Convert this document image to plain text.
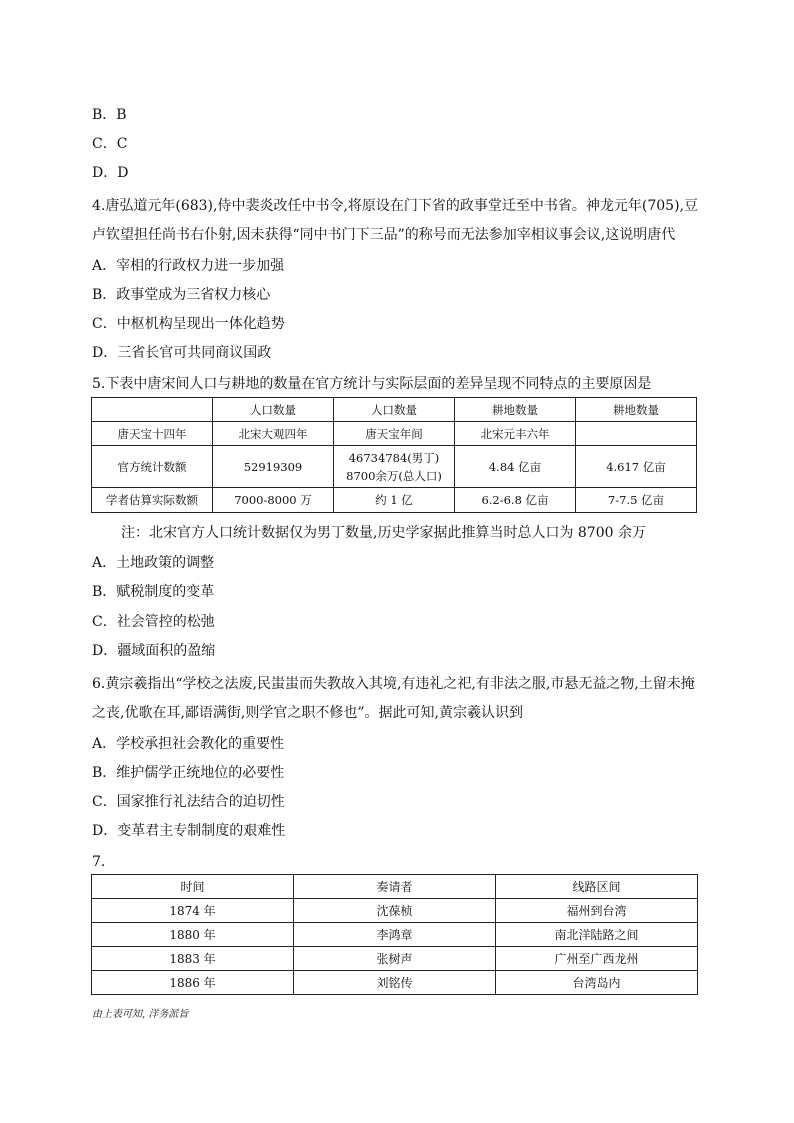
B．B
C．C
D．D
4.唐弘道元年(683),侍中裴炎改任中书令,将原设在门下省的政事堂迁至中书省。神龙元年(705),豆卢钦望担任尚书右仆射,因未获得“同中书门下三品”的称号而无法参加宰相议事会议,这说明唐代
A．宰相的行政权力进一步加强
B．政事堂成为三省权力核心
C．中枢机构呈现出一体化趋势
D．三省长官可共同商议国政
5.下表中唐宋间人口与耕地的数量在官方统计与实际层面的差异呈现不同特点的主要原因是
	人口数量	人口数量	耕地数量	耕地数量
唐天宝十四年	北宋大观四年	唐天宝年间	北宋元丰六年	
官方统计数额	52919309	46734784(男丁) 8700余万(总人口)	4.84 亿亩	4.617 亿亩
学者估算实际数额	7000-8000 万	约 1 亿	6.2-6.8 亿亩	7-7.5 亿亩
注：北宋官方人口统计数据仅为男丁数量,历史学家据此推算当时总人口为 8700 余万
A．土地政策的调整
B．赋税制度的变革
C．社会管控的松弛
D．疆域面积的盈缩
6.黄宗羲指出“学校之法废,民蚩蚩而失教故入其境,有违礼之祀,有非法之服,市悬无益之物,土留未掩之丧,优歌在耳,鄙语满街,则学官之职不修也”。据此可知,黄宗羲认识到
A．学校承担社会教化的重要性
B．维护儒学正统地位的必要性
C．国家推行礼法结合的迫切性
D．变革君主专制制度的艰难性
7.
时间	奏请者	线路区间
1874 年	沈葆桢	福州到台湾
1880 年	李鸿章	南北洋陆路之间
1883 年	张树声	广州至广西龙州
1886 年	刘铭传	台湾岛内
由上表可知, 洋务派旨
